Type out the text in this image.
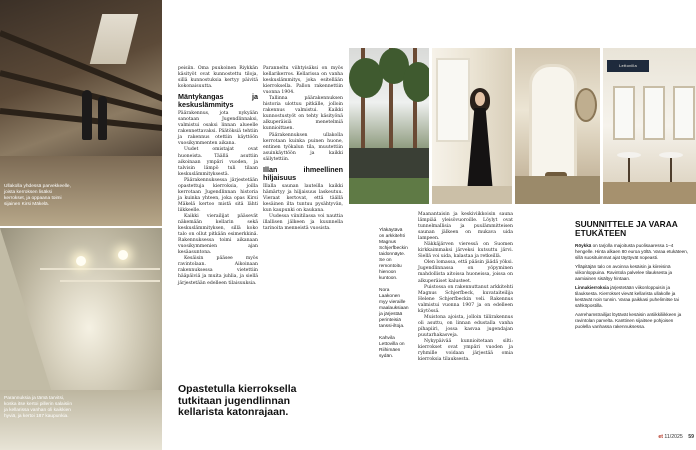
Ullakolla yhdessä parvekkeelle, joista kerroksen lisäksi kerrokset, ja oppaana toimi sijainen Kirsi Mäkelä.
Parannuksia ja tämä tarvitsi, koska itse kertoi pillerin salaisiin ja kellarissa vanhan oli kaikkien hyviä, ja kertoi 187 kaupunkia.

peisiin. Oma puukoinen Riykkän käsityöt ovat kunnostettu tiloja, sillä kunnostuksia kertyy päivitä kokonaisuutta.

Mäntykangas ja keskuslämmitys

Päärakennus, jota nykyään sanotaan Jugendlinnaksi, valmistui osaksi linnan alueelle rakennettavaksi. Päätöksiä tehtiin ja rakennus otettiin käyttöön vuosikymmenten aikana.

Uudet omistajat ovat huoneista. Täällä asuttiin aikoinaan ympäri vuoden, ja talvisin lämpö tuli tilaan keskuslämmityksestä.

Päärakennuksessa järjestetään opastettuja kierroksia, joilla kerrotaan Jugendlinnan historia ja kuinka yhteen, joka opas Kirsi Mäkelä kertoo mistä sitä lähti liikkeelle.

Kaikki vierailijat pääsevät näkemään kellarin sekä keskuslämmityksen, sillä koko talo on ollut pitkään esimerkkinä. Rakennuksessa toimi aikanaan vuosikymmenien ajan kesäasuntona.

Kesäisin pääsee myös ravintolaan. Aikoinaan rakennuksessa vietettiin hääpäiviä ja muita juhlia, ja siellä järjestetään edelleen tilaisuuksia.

Paranneltu viihtyisäksi on myös kellarikerros. Kellarissa on vanha keskuslämmitys, joka esitellään kierroksella. Pallon rakennettiin vuonna 1904.

Tallinna päärakennuksen historia ulottuu pitkälle, jolloin rakennus valmistui. Kaikki kunnostustyöt on tehty käsityönä alkuperäisiä menetelmiä kunnioittaen.

Päärakennuksen ullakolla kerrotaan kuinka puinen huone, entinen työkalun tila, muutettiin asuinkäyttöön ja kaikki säilytettiin.

Illan ihmeellinen hiljaisuus

Illalla saunan lauteilla kaikki hämärtyy ja hiljaisuus laskeutuu. Vieraat kertovat, että täällä kesäinen ilta tuntuu pysähtyvän, kun kaupunki on kaukana.

Uudessa viinitilassa voi nauttia illallisen jälkeen ja kuunnella tarinoita menneistä vuosista.

Opastetulla kierroksella tutkitaan jugendlinnan kellarista katonrajaan.
Lettovilla
Yläkäytävä on arkkitehti Magnus Schjerfbeckin taidonnäyte. Se on remontoitu hienoon kuntoon.
Nora Laakonen myy vieraille maalauksiaan ja järjestää perinteisiä tanssi-iltoja.
Kahvila Lettovilla on Riihimäen sydän.

Maanantaisin ja keskiviikkoisin sauna lämpiää yleisövuoroille. Löylyt ovat tunnelmallisia ja puulämmitteisen saunan jälkeen on mukava uida lampeen.

Näkkäjärven vieressä on Suomen kirkkaimmaksi järveksi kutsuttu järvi. Siellä voi uida, kalastaa ja retkeillä.

Olen lomassa, että pääsin jäädä yöksi. Jugendlinnassa on yöpyminen mahdollista aitoissa huoneissa, joissa on alkuperäiset kalusteet.

Puistossa on rakennuttanut arkkitehti Magnus Schjerfbeck, kuvataiteilija Helene Schjerfbeckin veli. Rakennus valmistui vuonna 1907 ja on edelleen käytössä.

Muistona ajoista, jolloin tiilirakennus oli asuttu, on linnan edustalla vanha pihapiiri, jossa kasvaa jugendajan puutarhakasveja.

Nykypäivää kunnioitetaan silti: kierrokset ovat ympäri vuoden ja ryhmille voidaan järjestää omia kierroksia tilauksesta.

SUUNNITTELE JA VARAA ETUKÄTEEN

Röykkä on tarjolla majoitusta puolisaaressa 1–4 hengelle. Hinta alkaen 80 euroa yöltä. Varaa etukäteen, sillä suosituimmat ajat täyttyvät nopeasti.

Ylläpitäjän talo on avoinna kesäisin ja kiireisinä viikonloppuina. Ravintola palvelee tilauksesta ja aamiainen sisältyy hintaan.

Linnakierroksia järjestetään viikonloppuisin ja tilauksesta. Kierrokset vievät kellarista ullakolle ja kestävät noin tunnin. Varaa paikkasi puhelimitse tai sähköpostilla.

Aarrehamstrailijat löytävät kesäisin antiikkiliikkeen ja ravintolan parvelta. Kanttinen sijaitsee pohjoisen puolella vanhassa rakennuksessa.

et 11/2025 59
